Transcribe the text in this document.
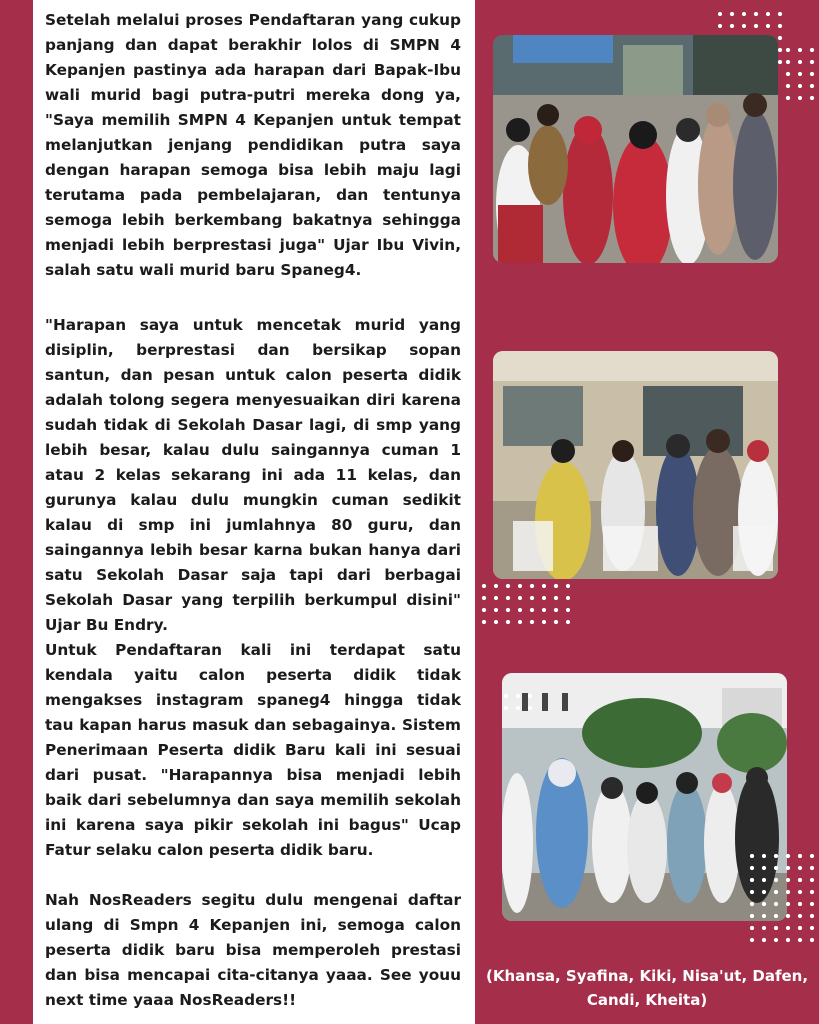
Setelah melalui proses Pendaftaran yang cukup panjang dan dapat berakhir lolos di SMPN 4 Kepanjen pastinya ada harapan dari Bapak-Ibu wali murid bagi putra-putri mereka dong ya, "Saya memilih SMPN 4 Kepanjen untuk tempat melanjutkan jenjang pendidikan putra saya dengan harapan semoga bisa lebih maju lagi terutama pada pembelajaran, dan tentunya semoga lebih berkembang bakatnya sehingga menjadi lebih berprestasi juga" Ujar Ibu Vivin, salah satu wali murid baru Spaneg4.

"Harapan saya untuk mencetak murid yang disiplin, berprestasi dan bersikap sopan santun, dan pesan untuk calon peserta didik adalah tolong segera menyesuaikan diri karena sudah tidak di Sekolah Dasar lagi, di smp yang lebih besar, kalau dulu saingannya cuman 1 atau 2 kelas sekarang ini ada 11 kelas, dan gurunya kalau dulu mungkin cuman sedikit kalau di smp ini jumlahnya 80 guru, dan saingannya lebih besar karna bukan hanya dari satu Sekolah Dasar saja tapi dari berbagai Sekolah Dasar yang terpilih berkumpul disini" Ujar Bu Endry.

Untuk Pendaftaran kali ini terdapat satu kendala yaitu calon peserta didik tidak mengakses instagram spaneg4 hingga tidak tau kapan harus masuk dan sebagainya. Sistem Penerimaan Peserta didik Baru kali ini sesuai dari pusat. "Harapannya bisa menjadi lebih baik dari sebelumnya dan saya memilih sekolah ini karena saya pikir sekolah ini bagus" Ucap Fatur selaku calon peserta didik baru.

Nah NosReaders segitu dulu mengenai daftar ulang di Smpn 4 Kepanjen ini, semoga calon peserta didik baru bisa memperoleh prestasi dan bisa mencapai cita-citanya yaaa. See youu next time yaaa NosReaders!!

(Khansa, Syafina, Kiki, Nisa'ut, Dafen, Candi, Kheita)
